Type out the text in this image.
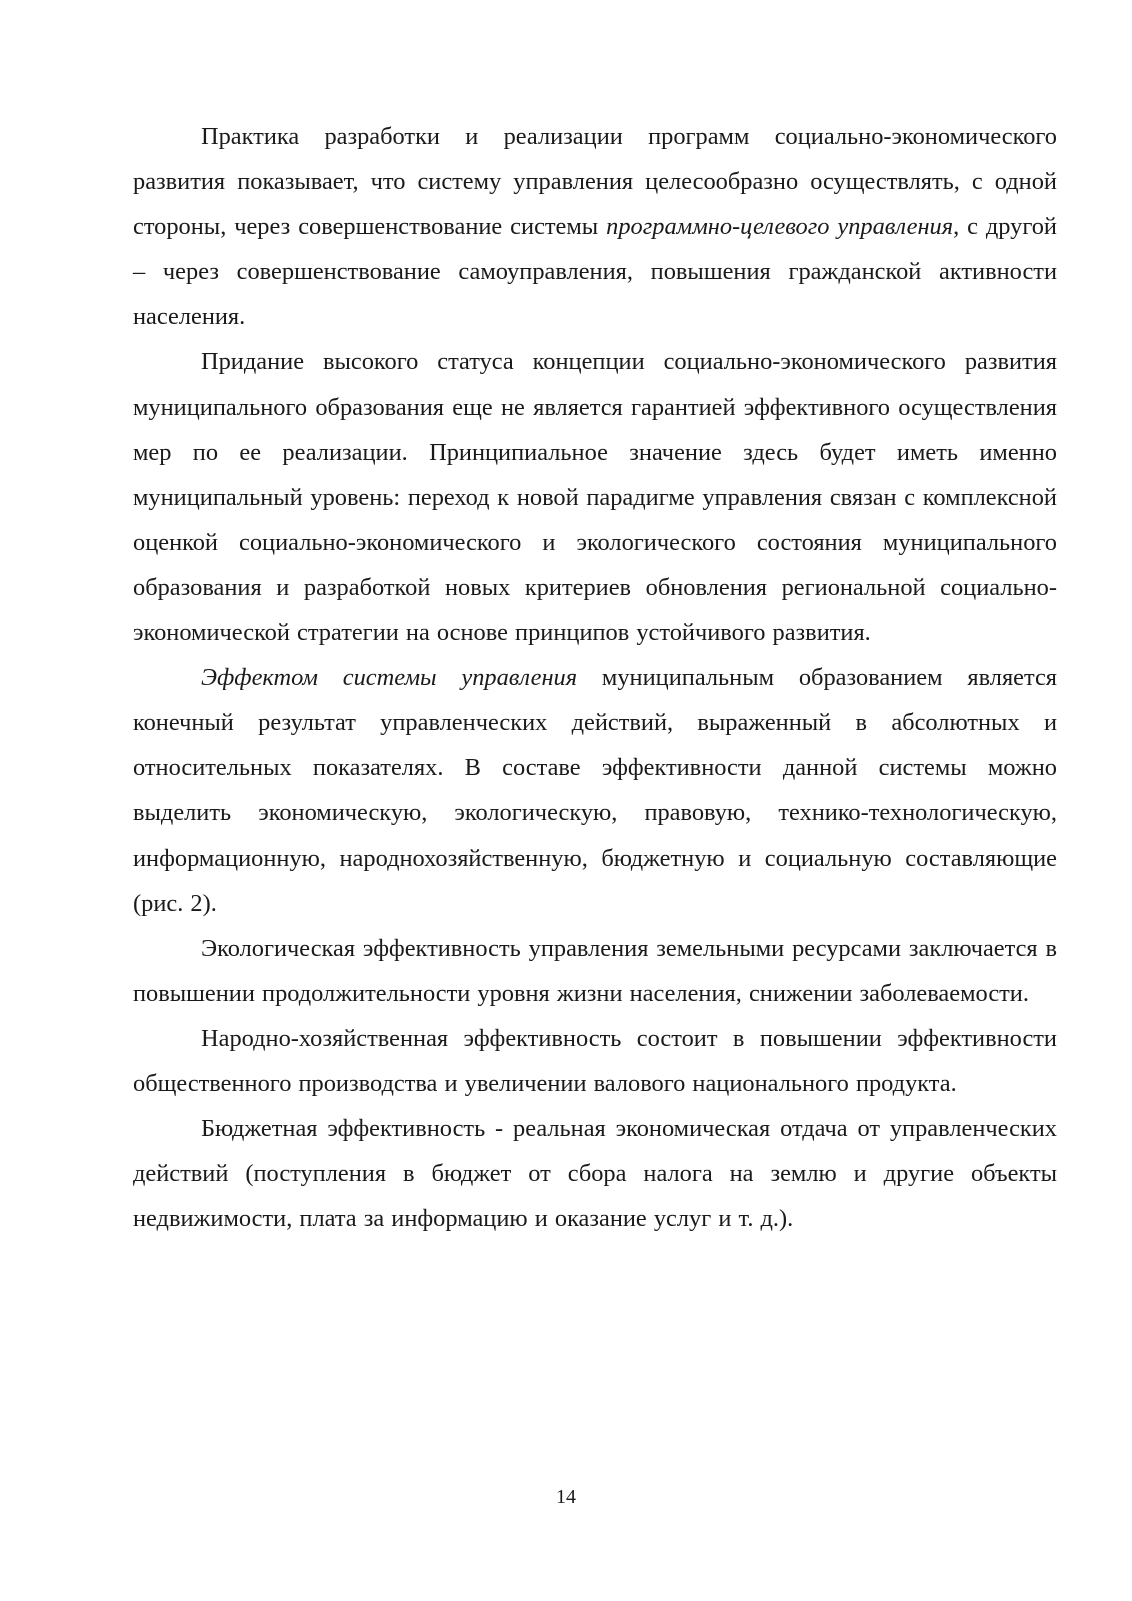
Практика разработки и реализации программ социально-экономического развития показывает, что систему управления целесообразно осуществлять, с одной стороны, через совершенствование системы программно-целевого управления, с другой – через совершенствование самоуправления, повышения гражданской активности населения.

Придание высокого статуса концепции социально-экономического развития муниципального образования еще не является гарантией эффективного осуществления мер по ее реализации. Принципиальное значение здесь будет иметь именно муниципальный уровень: переход к новой парадигме управления связан с комплексной оценкой социально-экономического и экологического состояния муниципального образования и разработкой новых критериев обновления региональной социально-экономической стратегии на основе принципов устойчивого развития.

Эффектом системы управления муниципальным образованием является конечный результат управленческих действий, выраженный в абсолютных и относительных показателях. В составе эффективности данной системы можно выделить экономическую, экологическую, правовую, технико-технологическую, информационную, народнохозяйственную, бюджетную и социальную составляющие (рис. 2).

Экологическая эффективность управления земельными ресурсами заключается в повышении продолжительности уровня жизни населения, снижении заболеваемости.

Народно-хозяйственная эффективность состоит в повышении эффективности общественного производства и увеличении валового национального продукта.

Бюджетная эффективность - реальная экономическая отдача от управленческих действий (поступления в бюджет от сбора налога на землю и другие объекты недвижимости, плата за информацию и оказание услуг и т. д.).

14
